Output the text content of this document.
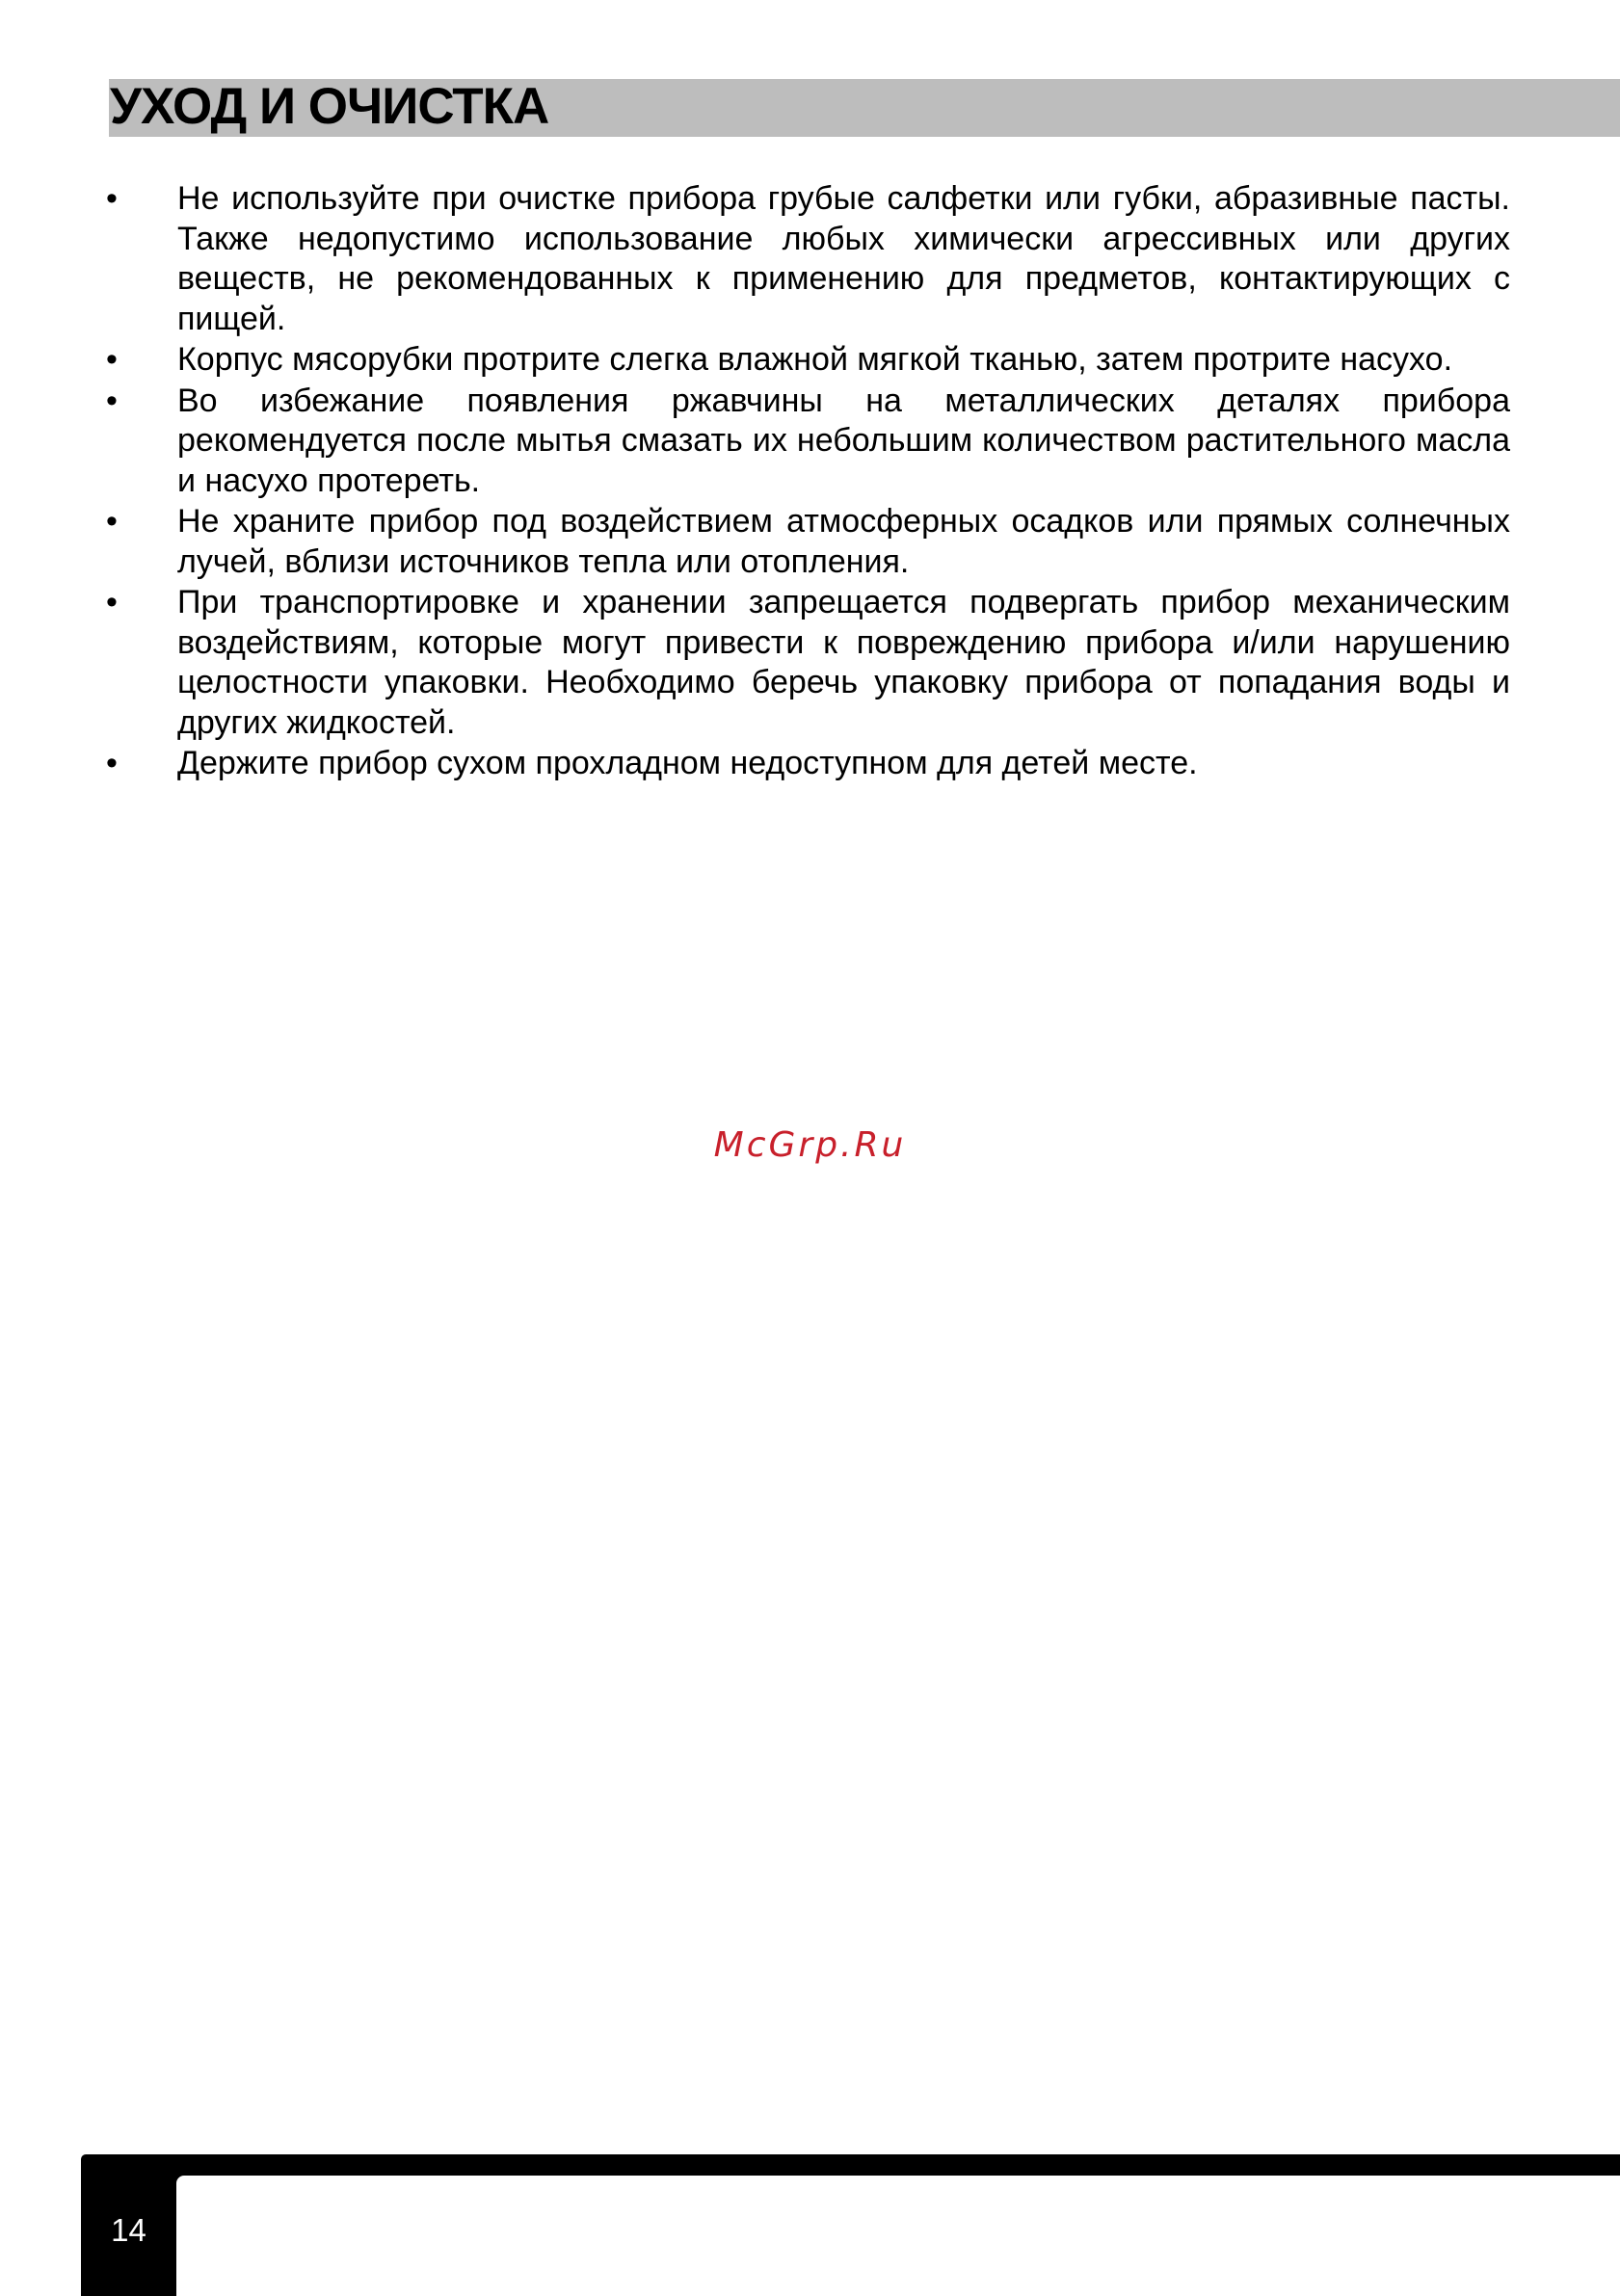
УХОД И ОЧИСТКА
• Не используйте при очистке прибора грубые салфетки или губки, абразивные пасты. Также недопустимо использование любых химически агрессивных или других веществ, не рекомендованных к применению для предметов, контактирующих с пищей.
• Корпус мясорубки протрите слегка влажной мягкой тканью, затем протрите насухо.
• Во избежание появления ржавчины на металлических деталях прибора рекомендуется после мытья смазать их небольшим количеством растительного масла и насухо протереть.
• Не храните прибор под воздействием атмосферных осадков или прямых солнечных лучей, вблизи источников тепла или отопления.
• При транспортировке и хранении запрещается подвергать прибор механическим воздействиям, которые могут привести к повреждению прибора и/или нарушению целостности упаковки. Необходимо беречь упаковку прибора от попадания воды и других жидкостей.
• Держите прибор сухом прохладном недоступном для детей месте.
McGrp.Ru
14
